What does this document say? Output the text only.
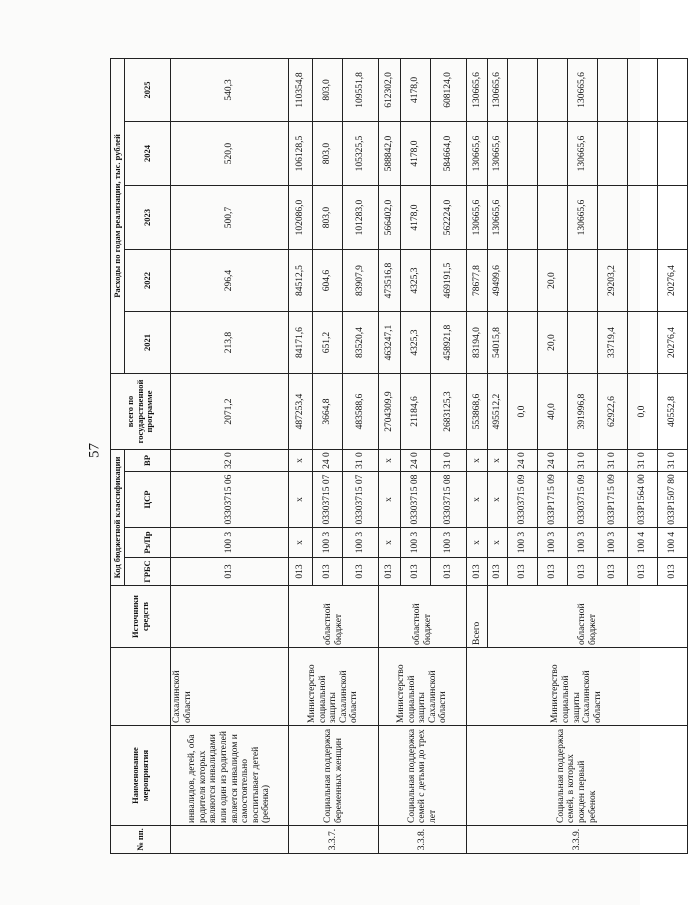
57
№ пп.	Наименование мероприятия		Источники средств	Код бюджетной классификации				всего по государственной программе	Расходы по годам реализации, тыс. рублей				
				ГРБС	Рз/Пр	ЦСР	ВР		2021	2022	2023	2024	2025
	инвалидов, детей, оба родителя которых являются инвалидами или один из родителей является инвалидом и самостоятельно воспитывает детей (ребенка)	Сахалинской области		013	100 3	03303715 06	32 0	2071,2	213,8	296,4	500,7	520,0	540,3
3.3.7.	Социальная поддержка беременных женщин	Министерство социальной защиты Сахалинской области	областной бюджет	013	x	x	x	487253,4	84171,6	84512,5	102086,0	106128,5	110354,8
				013	100 3	03303715 07	24 0	3664,8	651,2	604,6	803,0	803,0	803,0
				013	100 3	03303715 07	31 0	483588,6	83520,4	83907,9	101283,0	105325,5	109551,8
3.3.8.	Социальная поддержка семей с детьми до трех лет	Министерство социальной защиты Сахалинской области	областной бюджет	013	x	x	x	2704309,9	463247,1	473516,8	566402,0	588842,0	612302,0
				013	100 3	03303715 08	24 0	21184,6	4325,3	4325,3	4178,0	4178,0	4178,0
				013	100 3	03303715 08	31 0	2683125,3	458921,8	469191,5	562224,0	584664,0	608124,0
3.3.9.	Социальная поддержка семей, в которых рожден первый ребенок	Министерство социальной защиты Сахалинской области	Всего	013	x	x	x	553868,6	83194,0	78677,8	130665,6	130665,6	130665,6
			областной бюджет	013	x	x	x	495512,2	54015,8	49499,6	130665,6	130665,6	130665,6
				013	100 3	03303715 09	24 0	0,0					
				013	100 3	033P1715 09	24 0	40,0	20,0	20,0			
				013	100 3	03303715 09	31 0	391996,8			130665,6	130665,6	130665,6
				013	100 3	033P1715 09	31 0	62922,6	33719,4	29203,2			
				013	100 4	033P1564 00	31 0	0,0					
				013	100 4	033P1507 80	31 0	40552,8	20276,4	20276,4			
